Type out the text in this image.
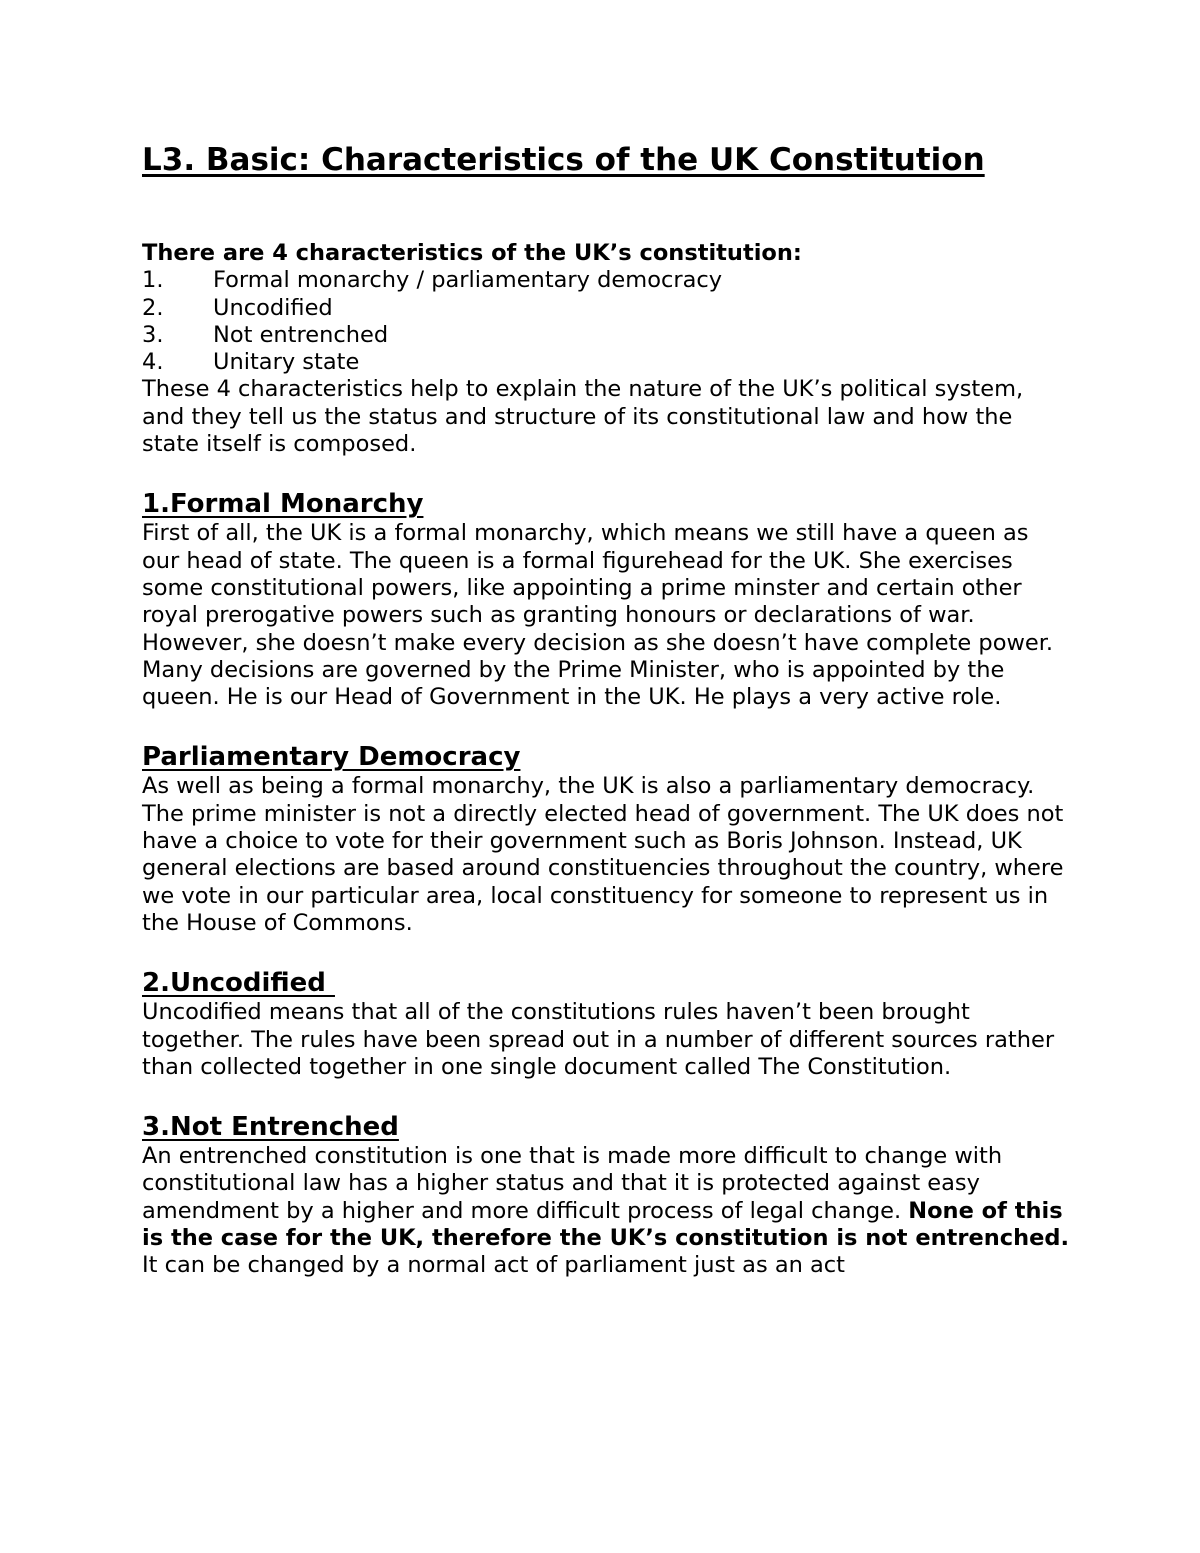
L3. Basic: Characteristics of the UK Constitution

There are 4 characteristics of the UK’s constitution:

1.	Formal monarchy / parliamentary democracy
2.	Uncodified
3.	Not entrenched
4.	Unitary state

These 4 characteristics help to explain the nature of the UK’s political system, and they tell us the status and structure of its constitutional law and how the state itself is composed.

1.Formal Monarchy

First of all, the UK is a formal monarchy, which means we still have a queen as our head of state. The queen is a formal figurehead for the UK. She exercises some constitutional powers, like appointing a prime minster and certain other royal prerogative powers such as granting honours or declarations of war.

However, she doesn’t make every decision as she doesn’t have complete power. Many decisions are governed by the Prime Minister, who is appointed by the queen. He is our Head of Government in the UK. He plays a very active role.

Parliamentary Democracy

As well as being a formal monarchy, the UK is also a parliamentary democracy. The prime minister is not a directly elected head of government. The UK does not have a choice to vote for their government such as Boris Johnson. Instead, UK general elections are based around constituencies throughout the country, where we vote in our particular area, local constituency for someone to represent us in the House of Commons.

2.Uncodified

Uncodified means that all of the constitutions rules haven’t been brought together. The rules have been spread out in a number of different sources rather than collected together in one single document called The Constitution.

3.Not Entrenched

An entrenched constitution is one that is made more difficult to change with constitutional law has a higher status and that it is protected against easy amendment by a higher and more difficult process of legal change. None of this is the case for the UK, therefore the UK’s constitution is not entrenched. It can be changed by a normal act of parliament just as an act
